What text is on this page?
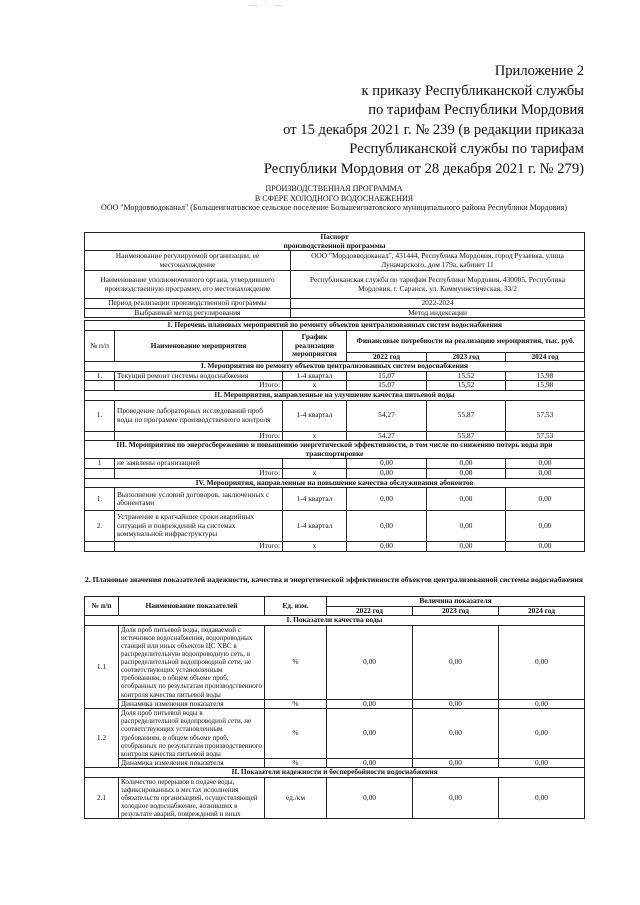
— ‾ —
Приложение 2
к приказу Республиканской службы
по тарифам Республики Мордовия
от 15 декабря 2021 г. № 239 (в редакции приказа
Республиканской службы по тарифам
Республики Мордовия от 28 декабря 2021 г. № 279)
ПРОИЗВОДСТВЕННАЯ ПРОГРАММА
В СФЕРЕ ХОЛОДНОГО ВОДОСНАБЖЕНИЯ
ООО "Мордовводоканал" (Большеигнатовское сельское поселение Большеигнатовского муниципального района Республики Мордовия)
Паспорт
производственной программы	

Наименование регулируемой организации, ее местонахождение	ООО "Мордовводоканал", 431444, Республика Мордовия, город Рузаевка, улица Луначарского, дом 179а, кабинет 11
Наименование уполномоченного органа, утвердившего производственную программу, его местонахождение	Республиканская служба по тарифам Республики Мордовия, 430005, Республика Мордовия, г. Саранск, ул. Коммунистическая, 33/2
Период реализации производственной программы	2022-2024
Выбранный метод регулирования	Метод индексации
1. Перечень плановых мероприятий по ремонту объектов централизованных систем водоснабжения					
№ п/п	Наименование мероприятия	График реализации мероприятия	Финансовые потребности на реализацию мероприятия, тыс. руб.		
			2022 год	2023 год	2024 год
I. Мероприятия по ремонту объектов централизованных систем водоснабжения					
1.	Текущий ремонт системы водоснабжения	1-4 квартал	15,07	15,52	15,98
	Итого:	х	15,07	15,52	15,98
II. Мероприятия, направленные на улучшение качества питьевой воды					
1.	Проведение лабораторных исследований проб воды по программе производственного контроля	1-4 квартал	54,27	55,87	57,53
	Итого:	х	54,27	55,87	57,53
III. Мероприятия по энергосбережению и повышению энергетической эффективности, в том числе по снижению потерь воды при транспортировке					
1	не заявлены организацией		0,00	0,00	0,00
	Итого:	х	0,00	0,00	0,00
IV. Мероприятия, направленные на повышение качества обслуживания абонентов					
1.	Выполнение условий договоров, заключенных с абонентами	1-4 квартал	0,00	0,00	0,00
2.	Устранение в кратчайшие сроки аварийных ситуаций и повреждений на системах коммунальной инфраструктуры	1-4 квартал	0,00	0,00	0,00
	Итого:	х	0,00	0,00	0,00
2. Плановые значения показателей надежности, качества и энергетической эффективности объектов централизованной системы водоснабжения
№ п/п	Наименование показателей	Ед. изм.	Величина показателя		
			2022 год	2023 год	2024 год
I. Показатели качества воды					
1.1	Доля проб питьевой воды, подаваемой с источников водоснабжения, водопроводных станций или иных объектов ЦС ХВС в распределительную водопроводную сеть, в распределительной водопроводной сети, не соответствующих установленным требованиям, в общем объеме проб, отобранных по результатам производственного контроля качества питьевой воды	%	0,00	0,00	0,00
	Динамика изменения показателя	%	0,00	0,00	0,00
1.2	Доля проб питьевой воды в распределительной водопроводной сети, не соответствующих установленным требованиям, в общем объеме проб, отобранных по результатам производственного контроля качества питьевой воды	%	0,00	0,00	0,00
	Динамика изменения показателя	%	0,00	0,00	0,00
II. Показатели надежности и бесперебойности водоснабжения					
2.1	Количество перерывов в подаче воды, зафиксированных в местах исполнения обязательств организацией, осуществляющей холодное водоснабжение, возникших в результате аварий, повреждений и иных	ед./км	0,00	0,00	0,00
